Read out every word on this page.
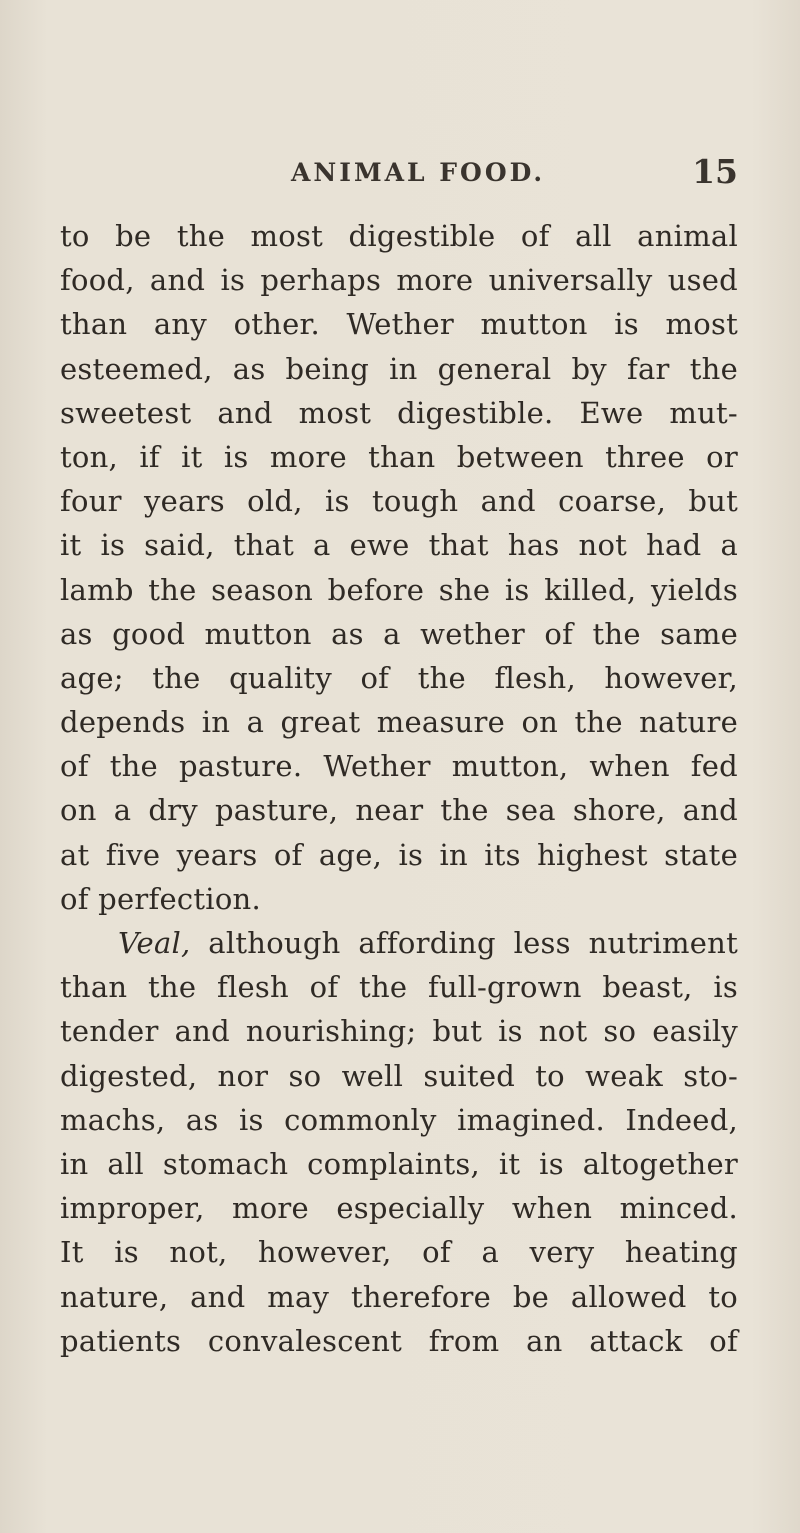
ANIMAL FOOD.	15
to be the most digestible of all animal
food, and is perhaps more universally used
than any other. Wether mutton is most
esteemed, as being in general by far the
sweetest and most digestible. Ewe mut-
ton, if it is more than between three or
four years old, is tough and coarse, but
it is said, that a ewe that has not had a
lamb the season before she is killed, yields
as good mutton as a wether of the same
age; the quality of the flesh, however,
depends in a great measure on the nature
of the pasture. Wether mutton, when fed
on a dry pasture, near the sea shore, and
at five years of age, is in its highest state
of perfection.
Veal, although affording less nutriment
than the flesh of the full-grown beast, is
tender and nourishing; but is not so easily
digested, nor so well suited to weak sto-
machs, as is commonly imagined. Indeed,
in all stomach complaints, it is altogether
improper, more especially when minced.
It is not, however, of a very heating
nature, and may therefore be allowed to
patients convalescent from an attack of
